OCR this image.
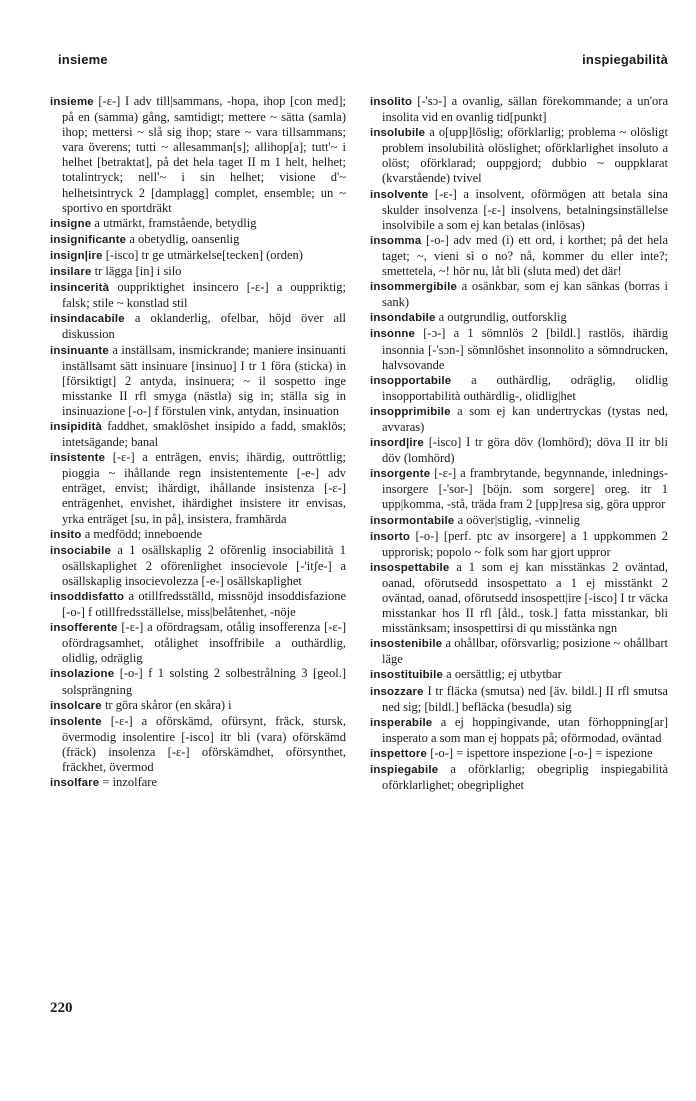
insieme	inspiegabilità

insieme [-ɛ-] I adv till|sammans, -hopa, ihop [con med]; på en (samma) gång, samtidigt; mettere ~ sätta (samla) ihop; mettersi ~ slå sig ihop; stare ~ vara tillsammans; vara överens; tutti ~ allesamman[s]; allihop[a]; tutt'~ i helhet [betraktat], på det hela taget II m 1 helt, helhet; totalintryck; nell'~ i sin helhet; visione d'~ helhetsintryck 2 [damplagg] complet, ensemble; un ~ sportivo en sportdräkt

insigne a utmärkt, framstående, betydlig

insignificante a obetydlig, oansenlig

insign|ire [-isco] tr ge utmärkelse[tecken] (orden)

insilare tr lägga [in] i silo

insincerità ouppriktighet insincero [-ɛ-] a ouppriktig; falsk; stile ~ konstlad stil

insindacabile a oklanderlig, ofelbar, höjd över all diskussion

insinuante a inställsam, insmickrande; maniere insinuanti inställsamt sätt insinuare [insinuo] I tr 1 föra (sticka) in [försiktigt] 2 antyda, insinuera; ~ il sospetto inge misstanke II rfl smyga (nästla) sig in; ställa sig in insinuazione [-o-] f förstulen vink, antydan, insinuation

insipidità faddhet, smaklöshet insipido a fadd, smaklös; intetsägande; banal

insistente [-ɛ-] a enträgen, envis; ihärdig, outtröttlig; pioggia ~ ihållande regn insistentemente [-e-] adv enträget, envist; ihärdigt, ihållande insistenza [-ɛ-] enträgenhet, envishet, ihärdighet insistere itr envisas, yrka enträget [su, in på], insistera, framhärda

insito a medfödd; inneboende

insociabile a 1 osällskaplig 2 oförenlig insociabilità 1 osällskaplighet 2 oförenlighet insocievole [-'itʃe-] a osällskaplig insocievolezza [-e-] osällskaplighet

insoddisfatto a otillfredsställd, missnöjd insoddisfazione [-o-] f otillfredsställelse, miss|belåtenhet, -nöje

insofferente [-ɛ-] a ofördragsam, otålig insofferenza [-ɛ-] ofördragsamhet, otålighet insoffribile a outhärdlig, olidlig, odräglig

insolazione [-o-] f 1 solsting 2 solbestrålning 3 [geol.] solsprängning

insolcare tr göra skåror (en skåra) i

insolente [-ɛ-] a oförskämd, ofürsynt, fräck, stursk, övermodig insolentire [-isco] itr bli (vara) oförskämd (fräck) insolenza [-ɛ-] oförskämdhet, oförsynthet, fräckhet, övermod

insolfare = inzolfare

insolito [-'sɔ-] a ovanlig, sällan förekommande; a un'ora insolita vid en ovanlig tid[punkt]

insolubile a o[upp]löslig; oförklarlig; problema ~ olösligt problem insolubilità olöslighet; oförklarlighet insoluto a olöst; oförklarad; ouppgjord; dubbio ~ ouppklarat (kvarstående) tvivel

insolvente [-ɛ-] a insolvent, oförmögen att betala sina skulder insolvenza [-ɛ-] insolvens, betalningsinställelse insolvibile a som ej kan betalas (inlösas)

insomma [-o-] adv med (i) ett ord, i korthet; på det hela taget; ~, vieni sì o no? nå, kommer du eller inte?; smettetela, ~! hör nu, låt bli (sluta med) det där!

insommergibile a osänkbar, som ej kan sänkas (borras i sank)

insondabile a outgrundlig, outforsklig

insonne [-ɔ-] a 1 sömnlös 2 [bildl.] rastlös, ihärdig insonnia [-'sɔn-] sömnlöshet insonnolito a sömndrucken, halvsovande

insopportabile a outhärdlig, odräglig, olidlig insopportabilità outhärdlig-, olidlig|het

insopprimibile a som ej kan undertryckas (tystas ned, avvaras)

insord|ire [-isco] I tr göra döv (lomhörd); döva II itr bli döv (lomhörd)

insorgente [-ɛ-] a frambrytande, begynnande, inlednings- insorgere [-'sor-] [böjn. som sorgere] oreg. itr 1 upp|komma, -stå, träda fram 2 [upp]resa sig, göra uppror

insormontabile a oöver|stiglig, -vinnelig

insorto [-o-] [perf. ptc av insorgere] a 1 uppkommen 2 upprorisk; popolo ~ folk som har gjort uppror

insospettabile a 1 som ej kan misstänkas 2 oväntad, oanad, oförutsedd insospettato a 1 ej misstänkt 2 oväntad, oanad, oförutsedd insospett|ire [-isco] I tr väcka misstankar hos II rfl [åld., tosk.] fatta misstankar, bli misstänksam; insospettirsi di qu misstänka ngn

insostenibile a ohållbar, oförsvarlig; posizione ~ ohållbart läge

insostituibile a oersättlig; ej utbytbar

insozzare I tr fläcka (smutsa) ned [äv. bildl.] II rfl smutsa ned sig; [bildl.] befläcka (besudla) sig

insperabile a ej hoppingivande, utan förhoppning[ar] insperato a som man ej hoppats på; oförmodad, oväntad

inspettore [-o-] = ispettore inspezione [-o-] = ispezione

inspiegabile a oförklarlig; obegriplig inspiegabilità oförklarlighet; obegriplighet

220
